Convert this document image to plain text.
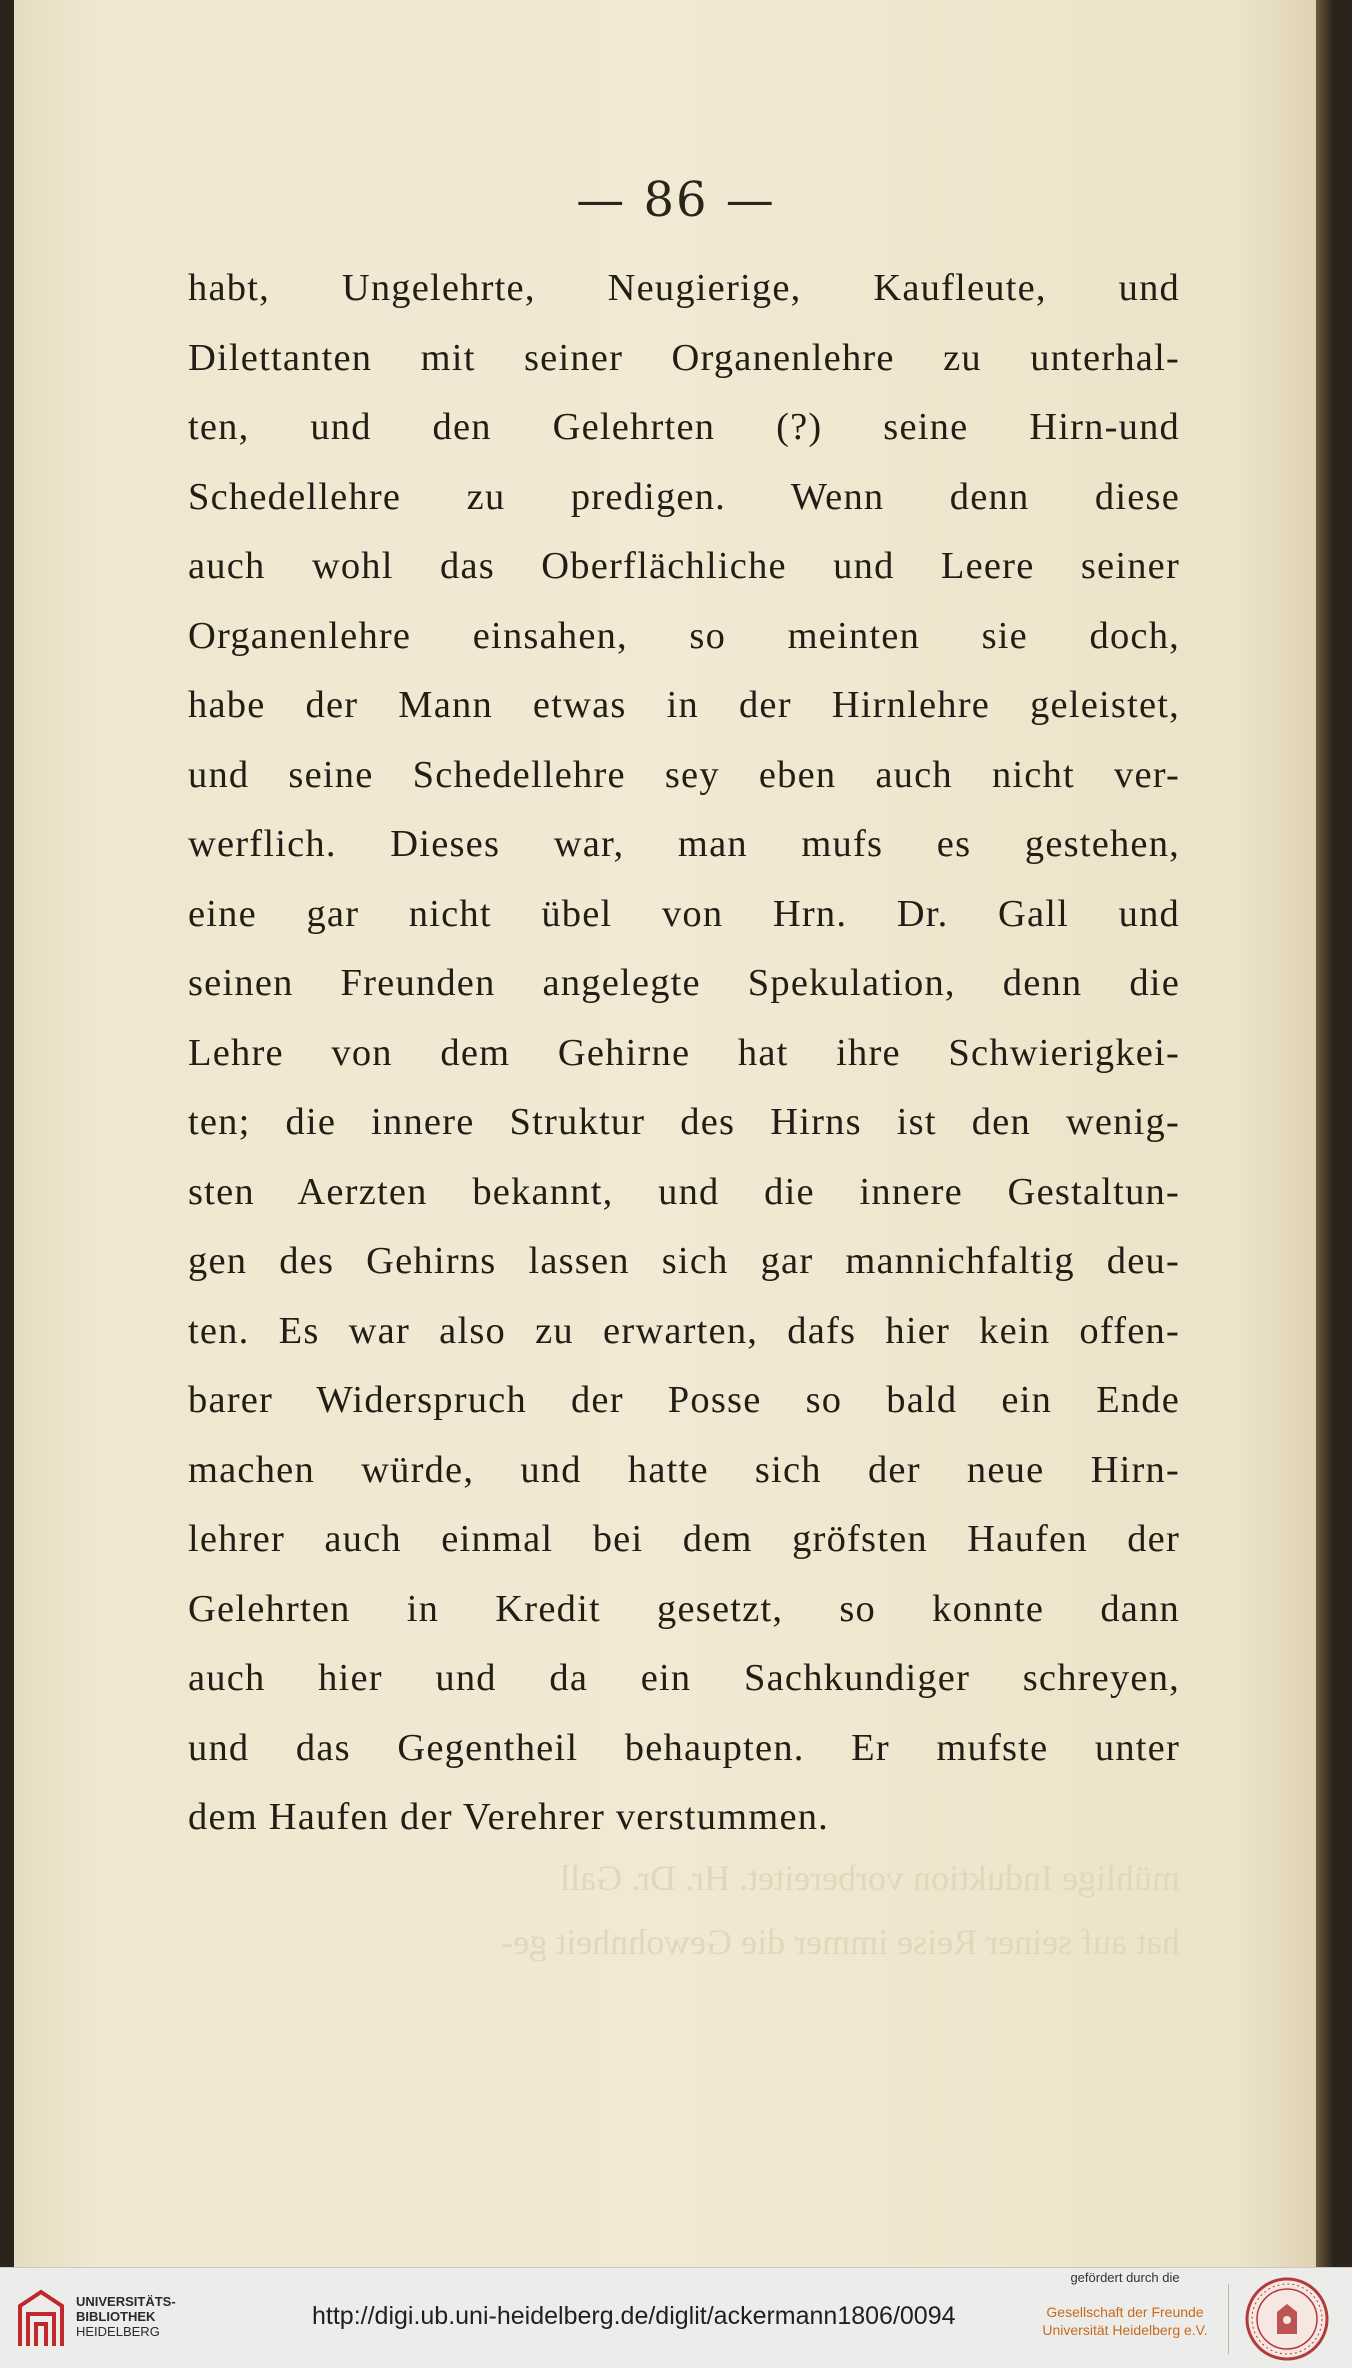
— 86 —
habt, Ungelehrte, Neugierige, Kaufleute, und
Dilettanten mit seiner Organenlehre zu unterhal-
ten, und den Gelehrten (?) seine Hirn-und
Schedellehre zu predigen. Wenn denn diese
auch wohl das Oberflächliche und Leere seiner
Organenlehre einsahen, so meinten sie doch,
habe der Mann etwas in der Hirnlehre geleistet,
und seine Schedellehre sey eben auch nicht ver-
werflich. Dieses war, man mufs es gestehen,
eine gar nicht übel von Hrn. Dr. Gall und
seinen Freunden angelegte Spekulation, denn die
Lehre von dem Gehirne hat ihre Schwierigkei-
ten; die innere Struktur des Hirns ist den wenig-
sten Aerzten bekannt, und die innere Gestaltun-
gen des Gehirns lassen sich gar mannichfaltig deu-
ten. Es war also zu erwarten, dafs hier kein offen-
barer Widerspruch der Posse so bald ein Ende
machen würde, und hatte sich der neue Hirn-
lehrer auch einmal bei dem gröfsten Haufen der
Gelehrten in Kredit gesetzt, so konnte dann
auch hier und da ein Sachkundiger schreyen,
und das Gegentheil behaupten. Er mufste unter
dem Haufen der Verehrer verstummen.
mühlige Induktion vorbereitet. Hr. Dr. Gall
hat auf seiner Reise immer die Gewohnheit ge-
UNIVERSITÄTS-
BIBLIOTHEK
HEIDELBERG
http://digi.ub.uni-heidelberg.de/diglit/ackermann1806/0094
gefördert durch die
Gesellschaft der Freunde
Universität Heidelberg e.V.
